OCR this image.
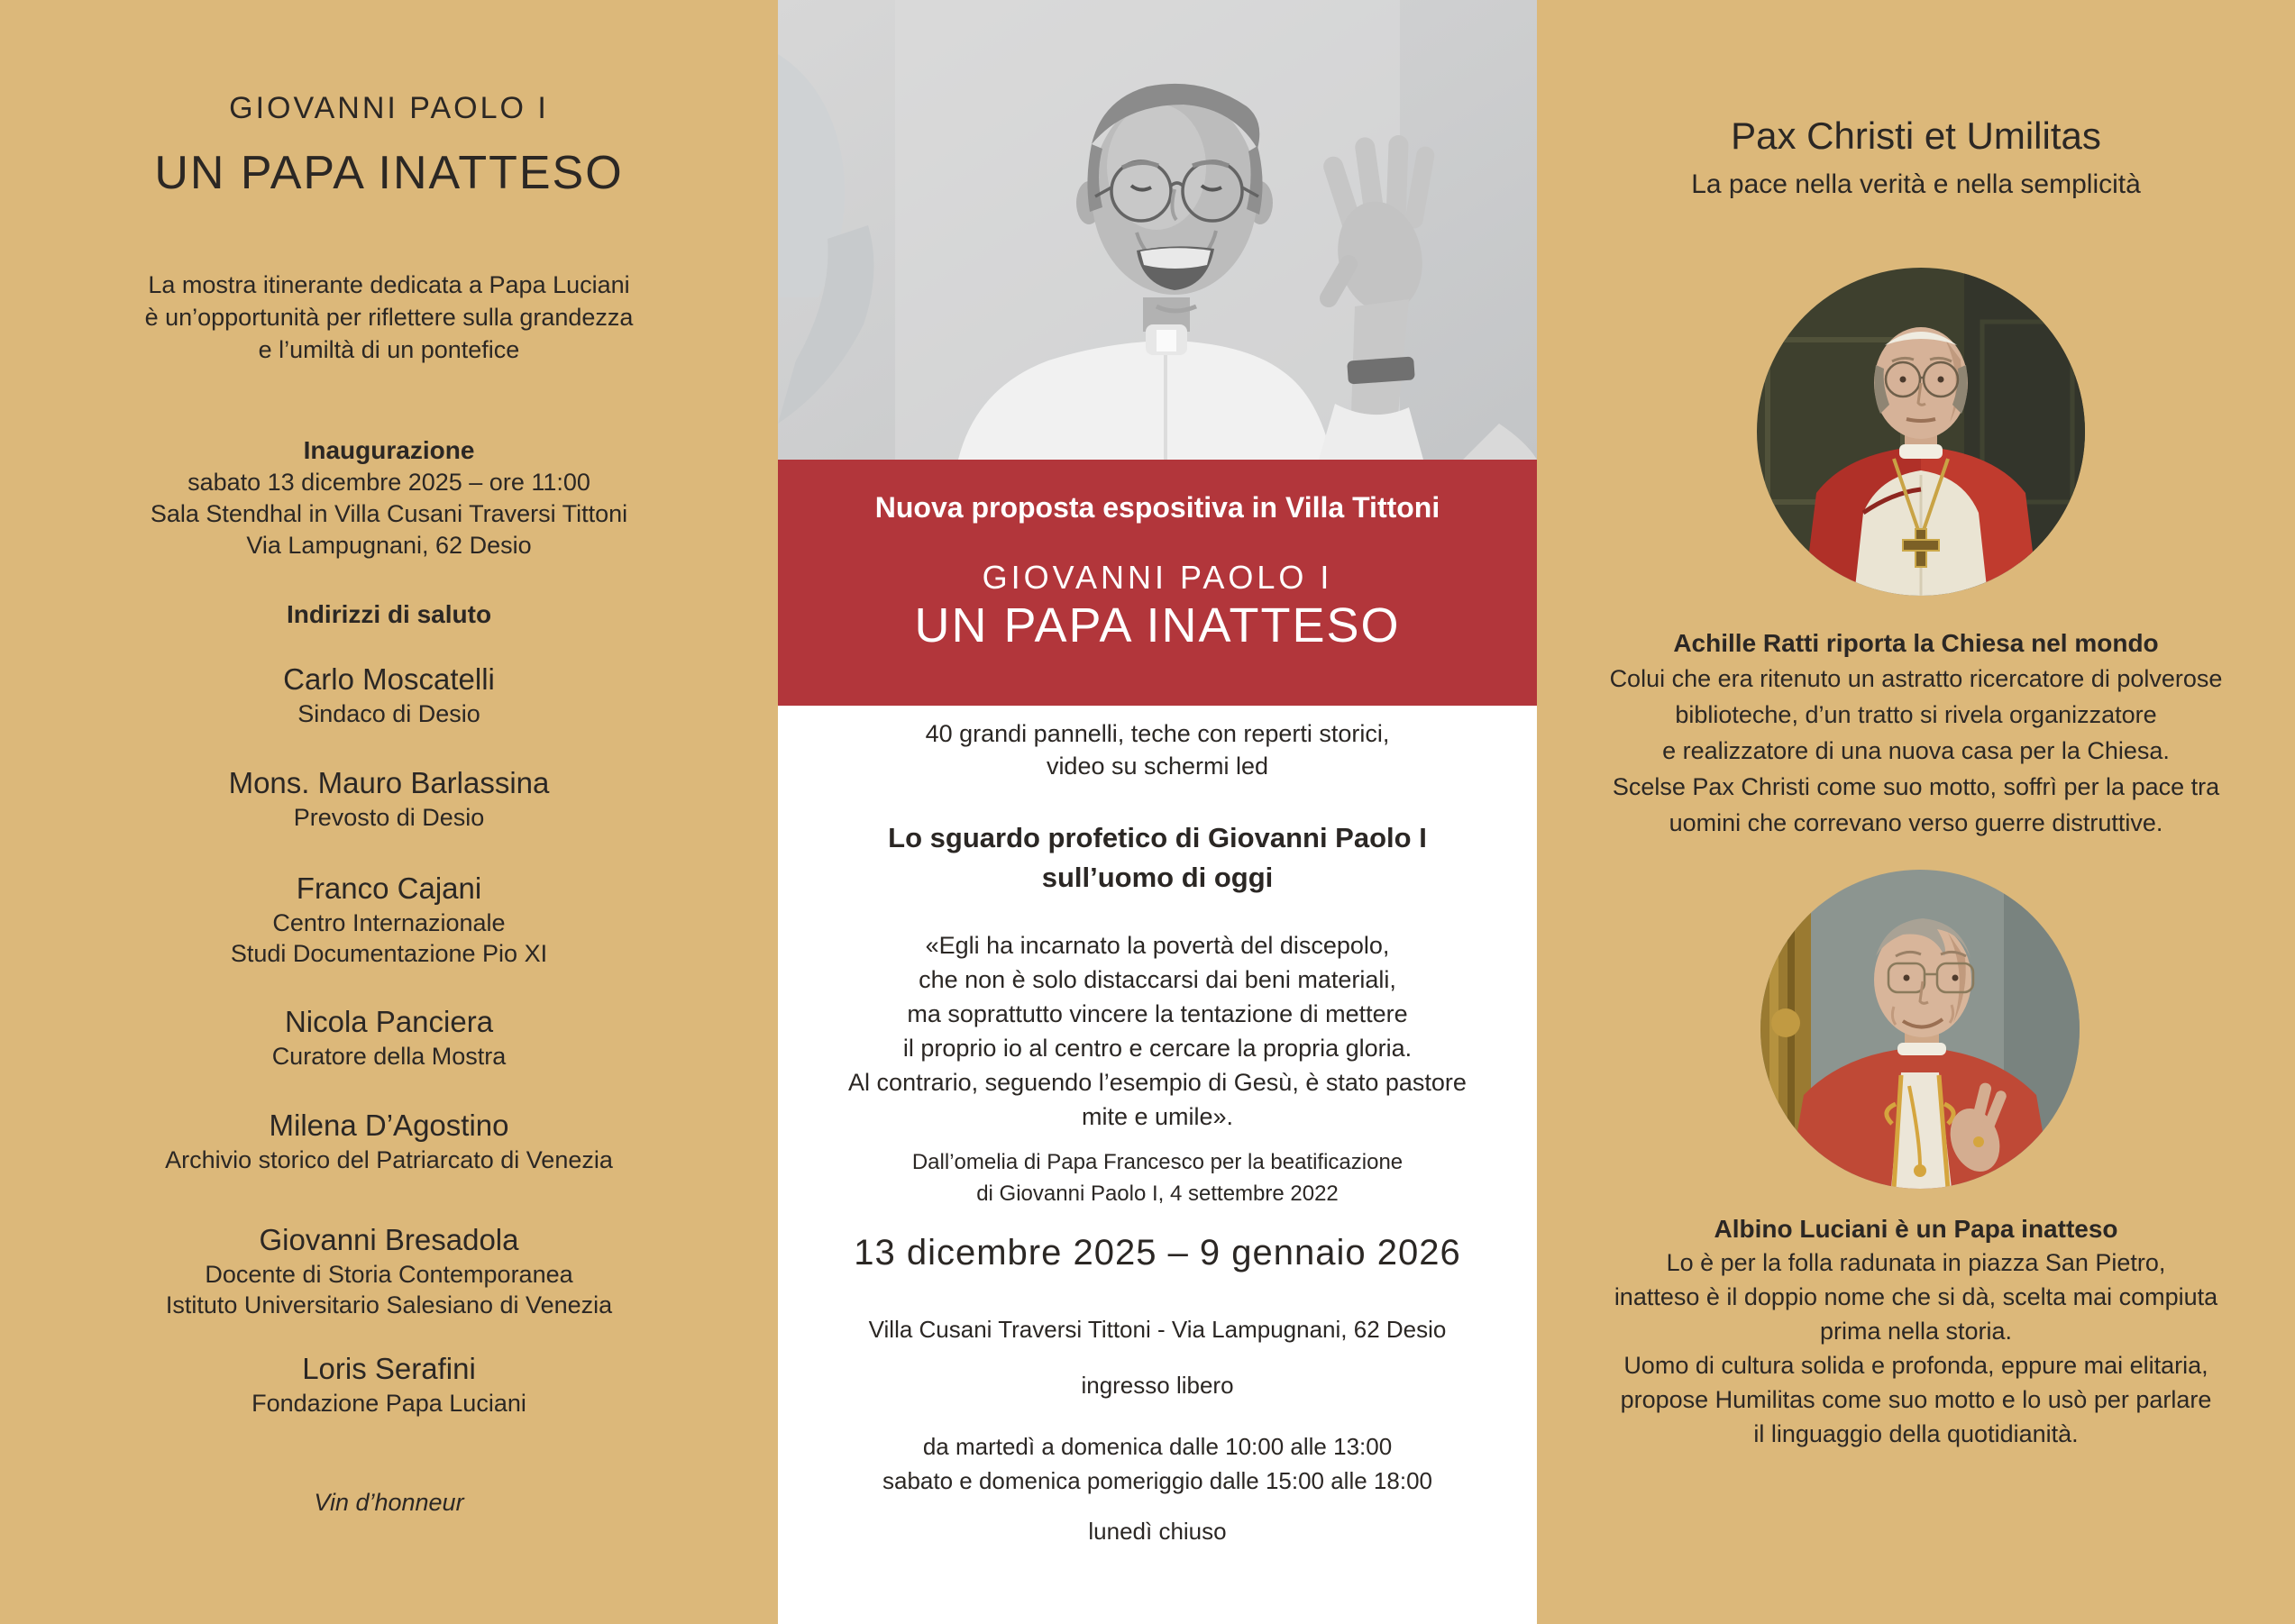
GIOVANNI PAOLO I
UN PAPA INATTESO
La mostra itinerante dedicata a Papa Luciani
è un’opportunità per riflettere sulla grandezza
e l’umiltà di un pontefice
Inaugurazione
sabato 13 dicembre 2025 – ore 11:00
Sala Stendhal in Villa Cusani Traversi Tittoni
Via Lampugnani, 62 Desio
Indirizzi di saluto
Carlo Moscatelli
Sindaco di Desio
Mons. Mauro Barlassina
Prevosto di Desio
Franco Cajani
Centro Internazionale
Studi Documentazione Pio XI
Nicola Panciera
Curatore della Mostra
Milena D’Agostino
Archivio storico del Patriarcato di Venezia
Giovanni Bresadola
Docente di Storia Contemporanea
Istituto Universitario Salesiano di Venezia
Loris Serafini
Fondazione Papa Luciani
Vin d’honneur
Nuova proposta espositiva in Villa Tittoni
GIOVANNI PAOLO I
UN PAPA INATTESO
40 grandi pannelli, teche con reperti storici,
video su schermi led
Lo sguardo profetico di Giovanni Paolo I
sull’uomo di oggi
«Egli ha incarnato la povertà del discepolo,
che non è solo distaccarsi dai beni materiali,
ma soprattutto vincere la tentazione di mettere
il proprio io al centro e cercare la propria gloria.
Al contrario, seguendo l’esempio di Gesù, è stato pastore
mite e umile».
Dall’omelia di Papa Francesco per la beatificazione
di Giovanni Paolo I, 4 settembre 2022
13 dicembre 2025 – 9 gennaio 2026
Villa Cusani Traversi Tittoni - Via Lampugnani, 62 Desio
ingresso libero
da martedì a domenica dalle 10:00 alle 13:00
sabato e domenica pomeriggio dalle 15:00 alle 18:00
lunedì chiuso
Pax Christi et Umilitas
La pace nella verità e nella semplicità
Achille Ratti riporta la Chiesa nel mondo
Colui che era ritenuto un astratto ricercatore di polverose
biblioteche, d’un tratto si rivela organizzatore
e realizzatore di una nuova casa per la Chiesa.
Scelse Pax Christi come suo motto, soffrì per la pace tra
uomini che correvano verso guerre distruttive.
Albino Luciani è un Papa inatteso
Lo è per la folla radunata in piazza San Pietro,
inatteso è il doppio nome che si dà, scelta mai compiuta
prima nella storia.
Uomo di cultura solida e profonda, eppure mai elitaria,
propose Humilitas come suo motto e lo usò per parlare
il linguaggio della quotidianità.
